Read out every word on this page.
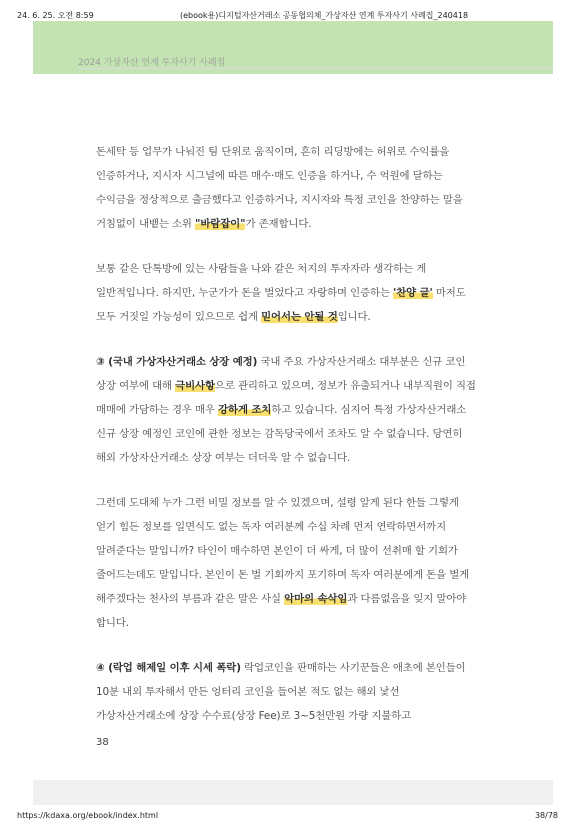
24. 6. 25. 오전 8:59	(ebook용)디지털자산거래소 공동협의체_가상자산 연계 투자사기 사례집_240418
2024 가상자산 연계 투자사기 사례집

돈세탁 등 업무가 나눠진 팀 단위로 움직이며, 흔히 리딩방에는 허위로 수익률을 인증하거나, 지시자 시그널에 따른 매수·매도 인증을 하거나, 수 억원에 달하는 수익금을 정상적으로 출금했다고 인증하거나, 지시자와 특정 코인을 찬양하는 말을 거침없이 내뱉는 소위 "바람잡이"가 존재합니다.

보통 같은 단톡방에 있는 사람들을 나와 같은 처지의 투자자라 생각하는 게 일반적입니다. 하지만, 누군가가 돈을 벌었다고 자랑하며 인증하는 '찬양 글' 마저도 모두 거짓일 가능성이 있으므로 쉽게 믿어서는 안될 것입니다.

③ (국내 가상자산거래소 상장 예정) 국내 주요 가상자산거래소 대부분은 신규 코인 상장 여부에 대해 극비사항으로 관리하고 있으며, 정보가 유출되거나 내부직원이 직접 매매에 가담하는 경우 매우 강하게 조치하고 있습니다. 심지어 특정 가상자산거래소 신규 상장 예정인 코인에 관한 정보는 감독당국에서 조차도 알 수 없습니다. 당연히 해외 가상자산거래소 상장 여부는 더더욱 알 수 없습니다.

그런데 도대체 누가 그런 비밀 정보를 알 수 있겠으며, 설령 알게 된다 한들 그렇게 얻기 힘든 정보를 일면식도 없는 독자 여러분께 수십 차례 먼저 연락하면서까지 알려준다는 말입니까? 타인이 매수하면 본인이 더 싸게, 더 많이 선취매 할 기회가 줄어드는데도 말입니다. 본인이 돈 벌 기회까지 포기하며 독자 여러분에게 돈을 벌게 해주겠다는 천사의 부름과 같은 말은 사실 악마의 속삭임과 다름없음을 잊지 말아야 합니다.

④ (락업 해제일 이후 시세 폭락) 락업코인을 판매하는 사기꾼들은 애초에 본인들이 10분 내외 투자해서 만든 엉터리 코인을 들어본 적도 없는 해외 낯선 가상자산거래소에 상장 수수료(상장 Fee)로 3~5천만원 가량 지불하고

38
https://kdaxa.org/ebook/index.html	38/78
